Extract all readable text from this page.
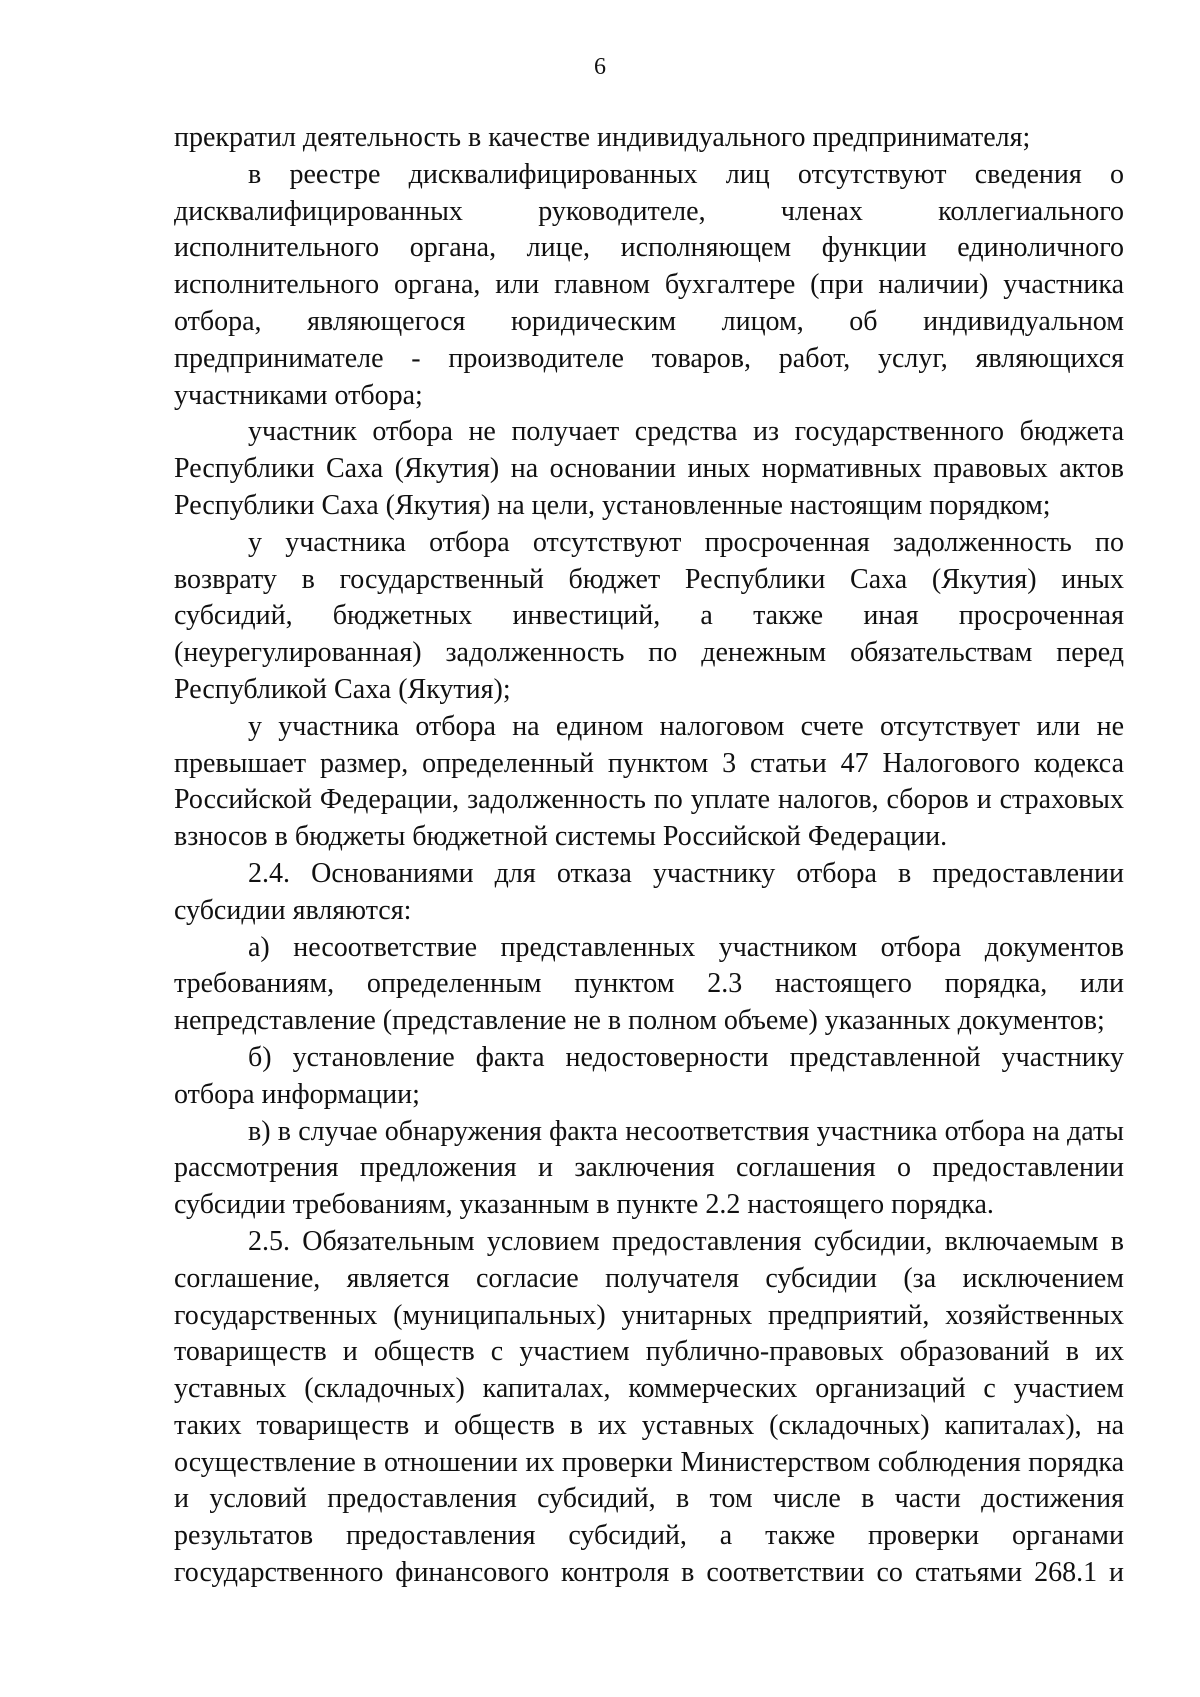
6

прекратил деятельность в качестве индивидуального предпринимателя;

в реестре дисквалифицированных лиц отсутствуют сведения о дисквалифицированных руководителе, членах коллегиального исполнительного органа, лице, исполняющем функции единоличного исполнительного органа, или главном бухгалтере (при наличии) участника отбора, являющегося юридическим лицом, об индивидуальном предпринимателе - производителе товаров, работ, услуг, являющихся участниками отбора;

участник отбора не получает средства из государственного бюджета Республики Саха (Якутия) на основании иных нормативных правовых актов Республики Саха (Якутия) на цели, установленные настоящим порядком;

у участника отбора отсутствуют просроченная задолженность по возврату в государственный бюджет Республики Саха (Якутия) иных субсидий, бюджетных инвестиций, а также иная просроченная (неурегулированная) задолженность по денежным обязательствам перед Республикой Саха (Якутия);

у участника отбора на едином налоговом счете отсутствует или не превышает размер, определенный пунктом 3 статьи 47 Налогового кодекса Российской Федерации, задолженность по уплате налогов, сборов и страховых взносов в бюджеты бюджетной системы Российской Федерации.

2.4. Основаниями для отказа участнику отбора в предоставлении субсидии являются:

а) несоответствие представленных участником отбора документов требованиям, определенным пунктом 2.3 настоящего порядка, или непредставление (представление не в полном объеме) указанных документов;

б) установление факта недостоверности представленной участнику отбора информации;

в) в случае обнаружения факта несоответствия участника отбора на даты рассмотрения предложения и заключения соглашения о предоставлении субсидии требованиям, указанным в пункте 2.2 настоящего порядка.

2.5. Обязательным условием предоставления субсидии, включаемым в соглашение, является согласие получателя субсидии (за исключением государственных (муниципальных) унитарных предприятий, хозяйственных товариществ и обществ с участием публично-правовых образований в их уставных (складочных) капиталах, коммерческих организаций с участием таких товариществ и обществ в их уставных (складочных) капиталах), на осуществление в отношении их проверки Министерством соблюдения порядка и условий предоставления субсидий, в том числе в части достижения результатов предоставления субсидий, а также проверки органами государственного финансового контроля в соответствии со статьями 268.1 и
